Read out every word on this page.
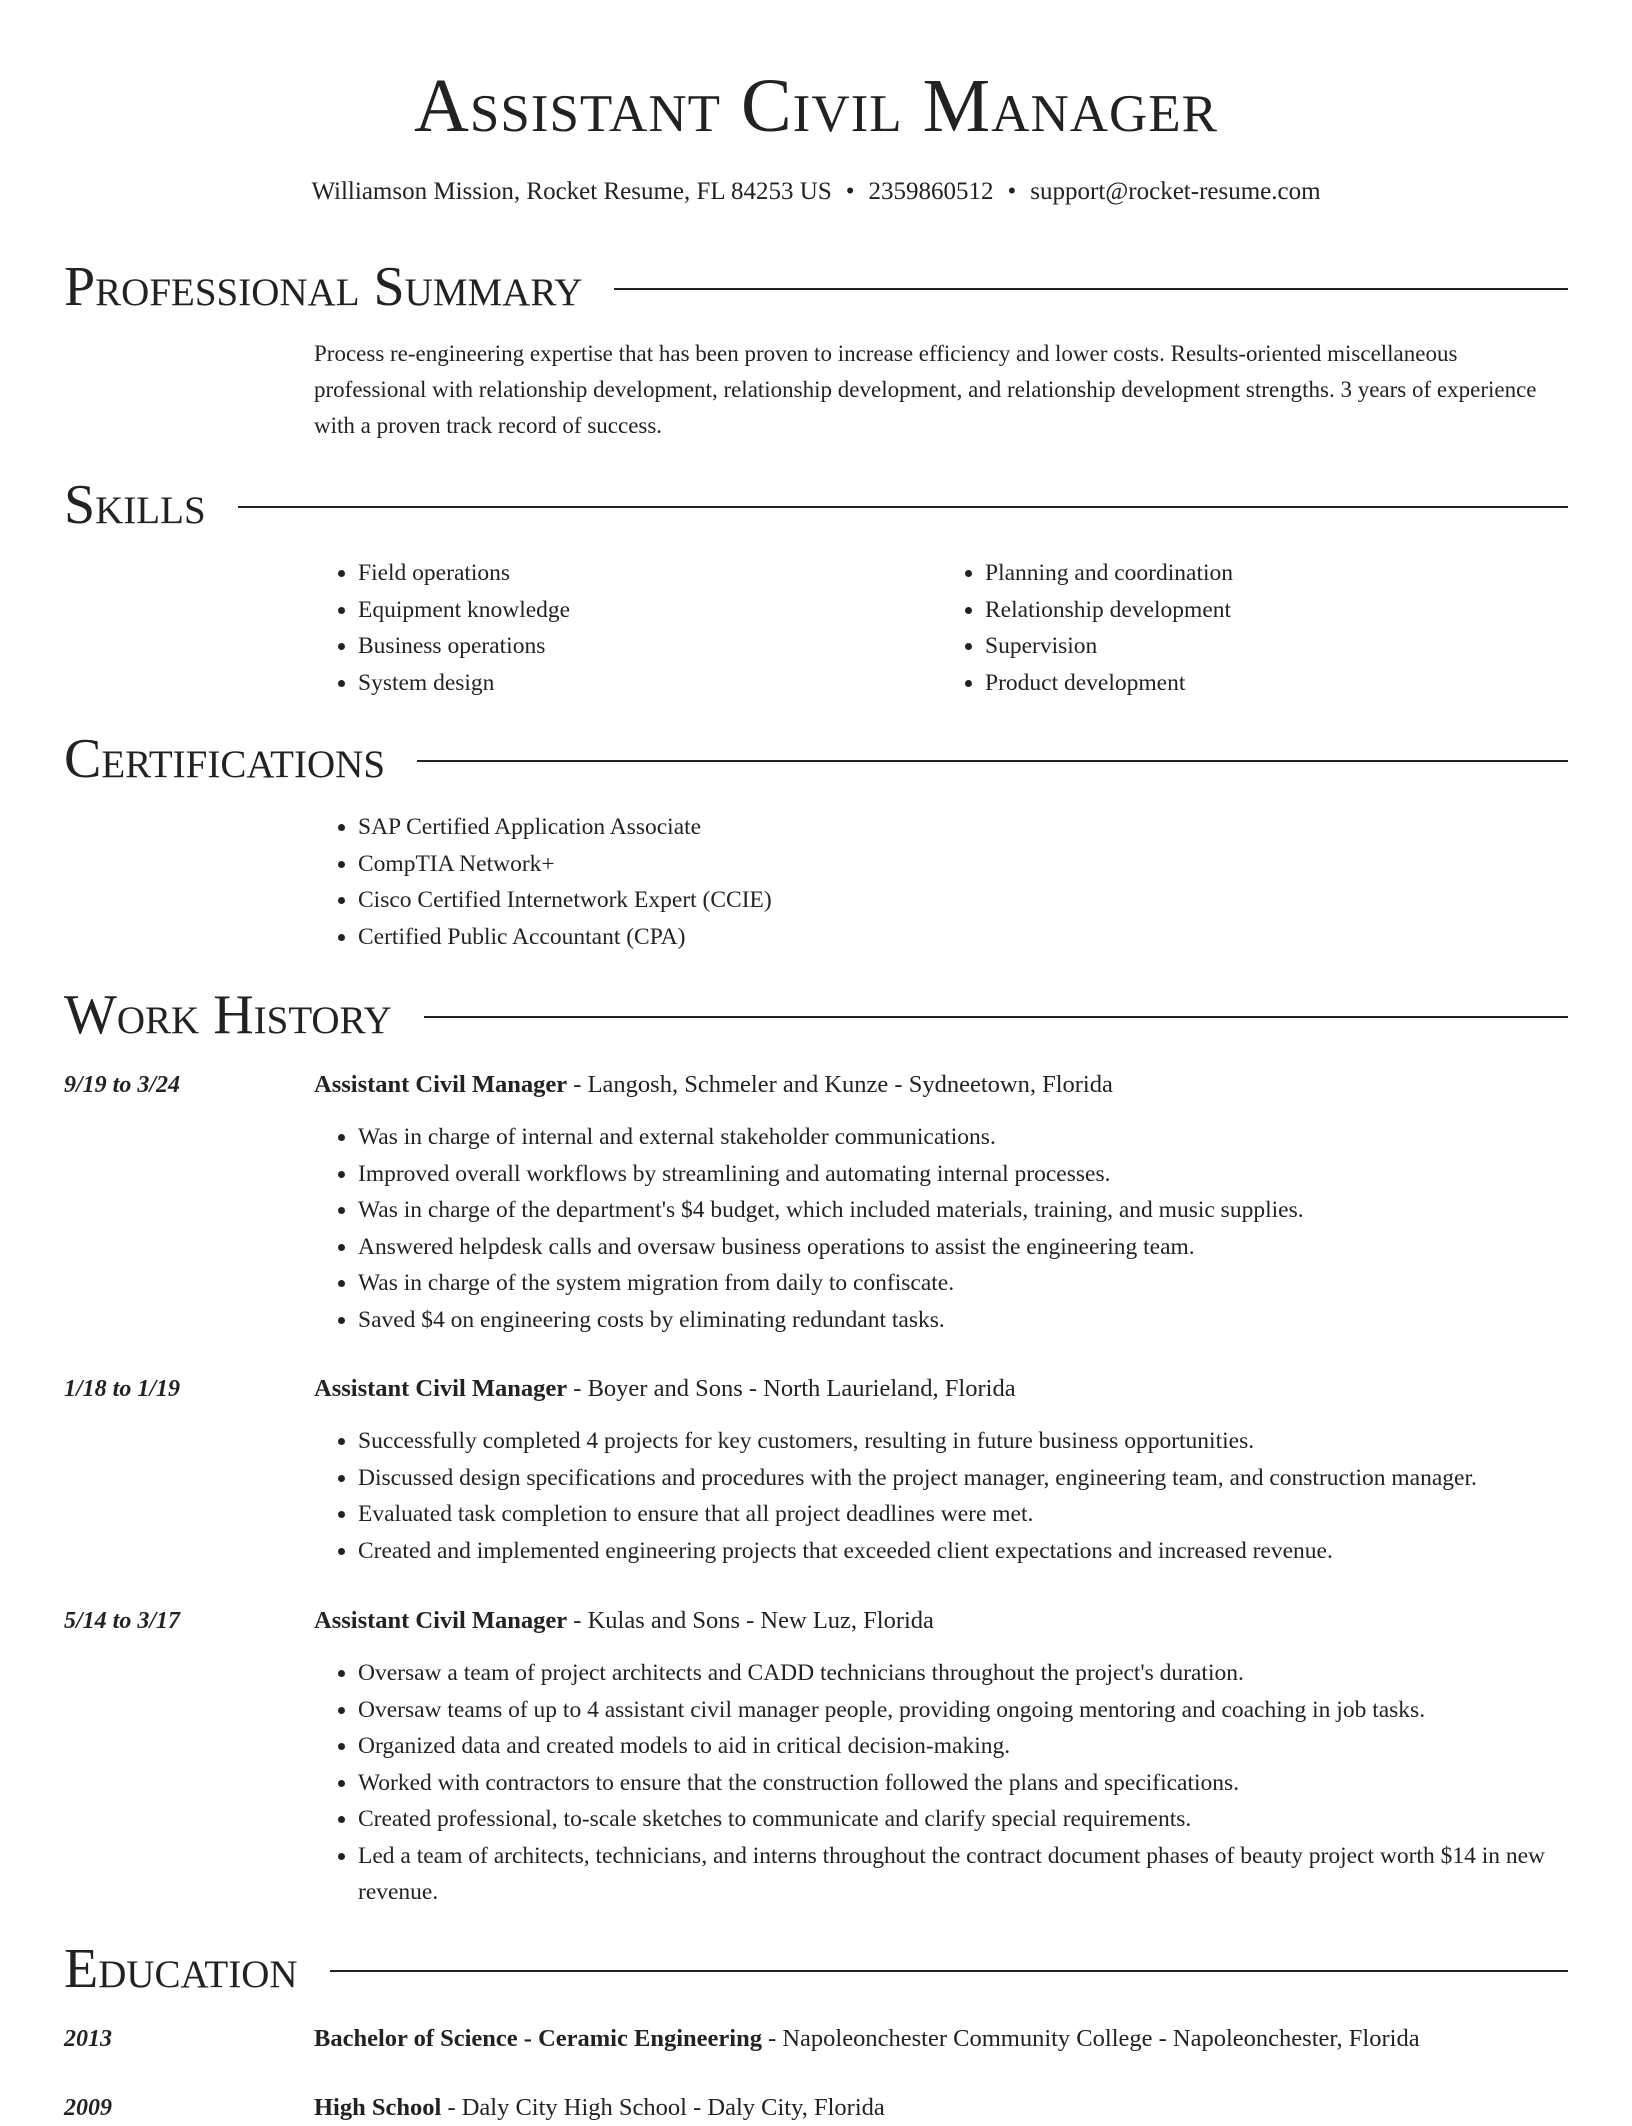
Assistant Civil Manager
Williamson Mission, Rocket Resume, FL 84253 US • 2359860512 • support@rocket-resume.com
Professional Summary
Process re-engineering expertise that has been proven to increase efficiency and lower costs. Results-oriented miscellaneous professional with relationship development, relationship development, and relationship development strengths. 3 years of experience with a proven track record of success.
Skills
• Field operations
• Equipment knowledge
• Business operations
• System design
• Planning and coordination
• Relationship development
• Supervision
• Product development
Certifications
• SAP Certified Application Associate
• CompTIA Network+
• Cisco Certified Internetwork Expert (CCIE)
• Certified Public Accountant (CPA)
Work History
9/19 to 3/24	Assistant Civil Manager - Langosh, Schmeler and Kunze - Sydneetown, Florida
• Was in charge of internal and external stakeholder communications.
• Improved overall workflows by streamlining and automating internal processes.
• Was in charge of the department's $4 budget, which included materials, training, and music supplies.
• Answered helpdesk calls and oversaw business operations to assist the engineering team.
• Was in charge of the system migration from daily to confiscate.
• Saved $4 on engineering costs by eliminating redundant tasks.
1/18 to 1/19	Assistant Civil Manager - Boyer and Sons - North Laurieland, Florida
• Successfully completed 4 projects for key customers, resulting in future business opportunities.
• Discussed design specifications and procedures with the project manager, engineering team, and construction manager.
• Evaluated task completion to ensure that all project deadlines were met.
• Created and implemented engineering projects that exceeded client expectations and increased revenue.
5/14 to 3/17	Assistant Civil Manager - Kulas and Sons - New Luz, Florida
• Oversaw a team of project architects and CADD technicians throughout the project's duration.
• Oversaw teams of up to 4 assistant civil manager people, providing ongoing mentoring and coaching in job tasks.
• Organized data and created models to aid in critical decision-making.
• Worked with contractors to ensure that the construction followed the plans and specifications.
• Created professional, to-scale sketches to communicate and clarify special requirements.
• Led a team of architects, technicians, and interns throughout the contract document phases of beauty project worth $14 in new revenue.
Education
2013	Bachelor of Science - Ceramic Engineering - Napoleonchester Community College - Napoleonchester, Florida
2009	High School - Daly City High School - Daly City, Florida
